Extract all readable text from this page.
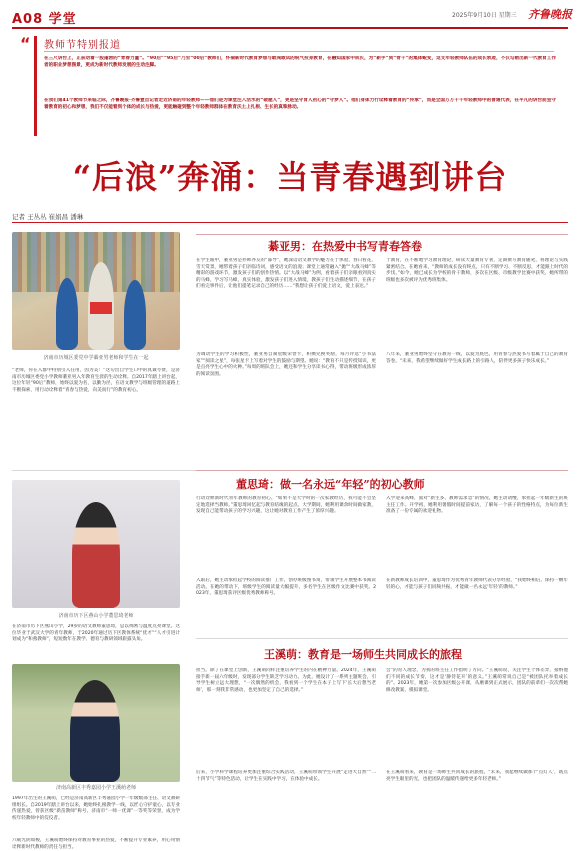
A08 学堂	2025年9月10日 星期三 齐鲁晚报
“ 教师节特别报道
在三尺讲台上，正获动着一股蓬勃的“青春力量”。“90后”“95后”乃至“00后”教师们，怀揣新时代教育梦想与敢闯敢试的锐气投身教育，在融知国家中成长，为“新手”到“骨干”的集体蜕变，这支年轻教师队伍的成长轨迹，不仅勾勒出新一代教育工作者的职业梦想图景，更成为新时代教师发展的生动注脚。
在我们第41个教师节来临之际，齐鲁晚报·齐鲁壹点记者走近济南的年轻教师——他们是为课堂注入活水的“破题人”，更是坚守育人初心的“守梦人”。他们身体力行诠释着教育的“传承”，而是全国万万千千年轻教师中的普通代表，在平凡的讲台前坚守着教育的初心和梦想，我们不仅能看到个体的成长与热爱，更能触碰到整个年轻教师群体在教育沃土上扎根、生长的真挚脉动。
“后浪”奔涌：当青春遇到讲台
记者 王丛丛 崔娟昌 潘琳
济南市历城区委党中学綦亚男老师和学生在一起
“老师，你在入群中特别引入任用，因为美！”这句出自学生口中的真诚夸赞，是济南市历城区委党小学教师綦亚男入年教育生涯的生动诠释。自2017年踏上讲台起，这位年轻“90后”教师，始终以爱为名，以勤为径，在语文教学与班级管理的道路上不断探索，用行动诠释着“青春与热爱，向美而行”的教育初心。
綦亚男：在热爱中书写青春答卷
在学生眼中，綦亚男是亦师亦友的“暮导”，她深谙语文教学的魅力在于体验，春日看花，雪天赏景，她带着孩子们亲临诗词，感受语文的浪漫；课堂上通常融入“抛”“大战马蜂”等精彩的游戏环节，激发孩子们的创作热情。以“大战马蜂”为例，看着孩子们亲眼看到真实的马蜂，学习写马蜂，真实体验，激发孩子们进入情境，教孩子们生动描述细节，在孩子们看完事件后，让他们提笔记录自己的经历……“我想让孩子们爱上语文，爱上表达。”
为调动学生的学习积极性，綦亚男自制星级荣誉卡，积攒兑换奖励，每月评选“小书法家”“阅读之星”，每张星卡上写着对学生的鼓励与期望。她说：“教育不只是传授知识，更是点亮学生心中的火种。”每周的班队会上，她还和学生分享读书心得，带动班级形成浓厚的阅读氛围。
于教育，在不断地学习教育理论，研读大量教育专著，定期撰写教育随笔，将理论与实践紧密结合。在她看来，“教师的成长没有终点，只有不断学习、不断反思，才能跟上时代的步伐。”如今，她已成长为学校的骨干教师，多次在区级、市级教学比赛中获奖，她所带的班级也多次被评为优秀班集体。
八年来，綦亚男始终坚守在教育一线，以爱为底色，用青春与热爱书写着属于自己的教育答卷。“未来，我希望继续做好学生成长路上的引路人，陪伴更多孩子快乐成长。”
济南市历下区燕山小学董思琦老师
在济南市历下区燕山小学，29岁的语文教师董思琦，总以绵密与温度点亮课堂。这位毕业于武汉大学的青年教师，于2020年通过历下区教体系统“优才”“人才引进计划成为“和燕教师”，短短数年在教学、德育与教研领域崭露头角。
董思琦：做一名永远“年轻”的初心教师
行动诠释新时代青年教师的教育初心。“如果不是大学时的一次家教经历，我可能不会坚定地选择当教师。”董思琦回忆起与教育结缘的起点。大学期间，她利用课余时间做家教，发现自己能带动孩子的学习兴趣，这让她对教育工作产生了浓厚兴趣。
入职后，她主动承担起学校的阅读推广工作，创办班级图书角，带领学生开展整本书阅读活动。在她的带动下，班级学生的阅读量大幅提升，多名学生在区级作文比赛中获奖。2023年，董思琦获评区级优秀教师称号。
入学迎来高峰，面对“新生多、教师需求急”的情况，她主动请缨，承担起一年级新生的班主任工作。开学初，她利用暑假时间提前家访，了解每一个孩子的性格特点，为每位新生准备了一份专属的欢迎礼物。
在新教师成长培训中，董思琦作为优秀青年教师代表分享经验，“我始终相信，保持一颗年轻的心，才能与孩子们同频共振，才能做一名永远‘年轻’的教师。”
济南高新区丰秀嘉园小学王溪萌老师
1997年出生的王溪萌，已经是济南高新区丰秀嘉园小学一年级级部主任、语文教研组组长。自2019年踏上讲台以来，她始终扎根教学一线，以匠心守护童心，以专业传递热爱，曾获区级“新苗教师”称号、济南市“一师一优课”一等奖等荣誉，成为学校年轻教师中的佼佼者。
六载光阴如梭，王溪萌始终保持对教育事业的热爱，不断提升专业素养，用心用情诠释新时代教师的责任与担当。
王溪萌：教育是一场师生共同成长的旅程
担当。除了在课堂上创新，王溪萌同样注重培养学生的内在精神力量。2024年，王溪萌接手新一届六年级时，发现部分学生缺乏学习动力。为此，她设计了一系列主题班会，引导学生树立远大理想，“一次偶然的机会，我看到一个学生在本子上写下‘长大后想当老师’，那一刻我非常感动，也更加坚定了自己的选择。”
后来，小学科学课程培养更加注重综合实践活动，王溪萌带领学生开展“走进大自然”“二十四节气”等特色活动，让学生在实践中学习、在体验中成长。
会”的育人理念，为我的班主任工作指明了方向。“王溪萌说，关注学生个体差异，接纳他们不同的成长节奏，这才是‘静待花开’的意义。”王溪萌常说自己是“被团队托举着成长的”。2023年，她第一次参加区级公开课，从磨课到正式展示，团队的前辈们一次次帮她修改教案、模拟课堂。
在王溪萌看来，教育是一场师生共同成长的旅程，“未来，我愿继续做那个‘点灯人’，既点亮学生眼里的光，也把团队的温暖传递给更多年轻老师。”
